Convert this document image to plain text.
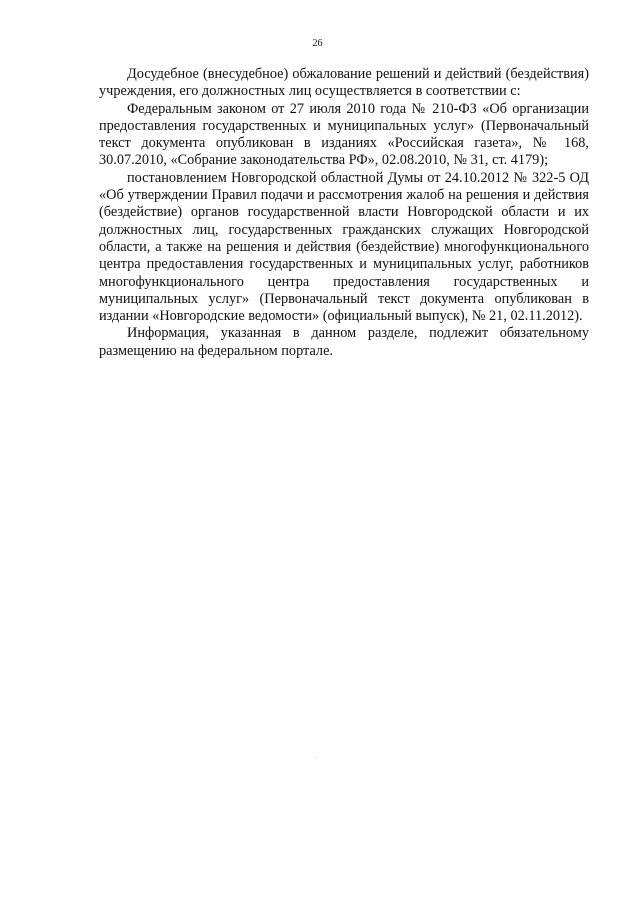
26

Досудебное (внесудебное) обжалование решений и действий (бездействия) учреждения, его должностных лиц осуществляется в соответствии с:

Федеральным законом от 27 июля 2010 года № 210-ФЗ «Об организации предоставления государственных и муниципальных услуг» (Первоначальный текст документа опубликован в изданиях «Российская газета», № 168, 30.07.2010, «Собрание законодательства РФ», 02.08.2010, № 31, ст. 4179);

постановлением Новгородской областной Думы от 24.10.2012 № 322-5 ОД «Об утверждении Правил подачи и рассмотрения жалоб на решения и действия (бездействие) органов государственной власти Новгородской области и их должностных лиц, государственных гражданских служащих Новгородской области, а также на решения и действия (бездействие) многофункционального центра предоставления государственных и муниципальных услуг, работников многофункционального центра предоставления государственных и муниципальных услуг» (Первоначальный текст документа опубликован в издании «Новгородские ведомости» (официальный выпуск), № 21, 02.11.2012).

Информация, указанная в данном разделе, подлежит обязательному размещению на федеральном портале.
